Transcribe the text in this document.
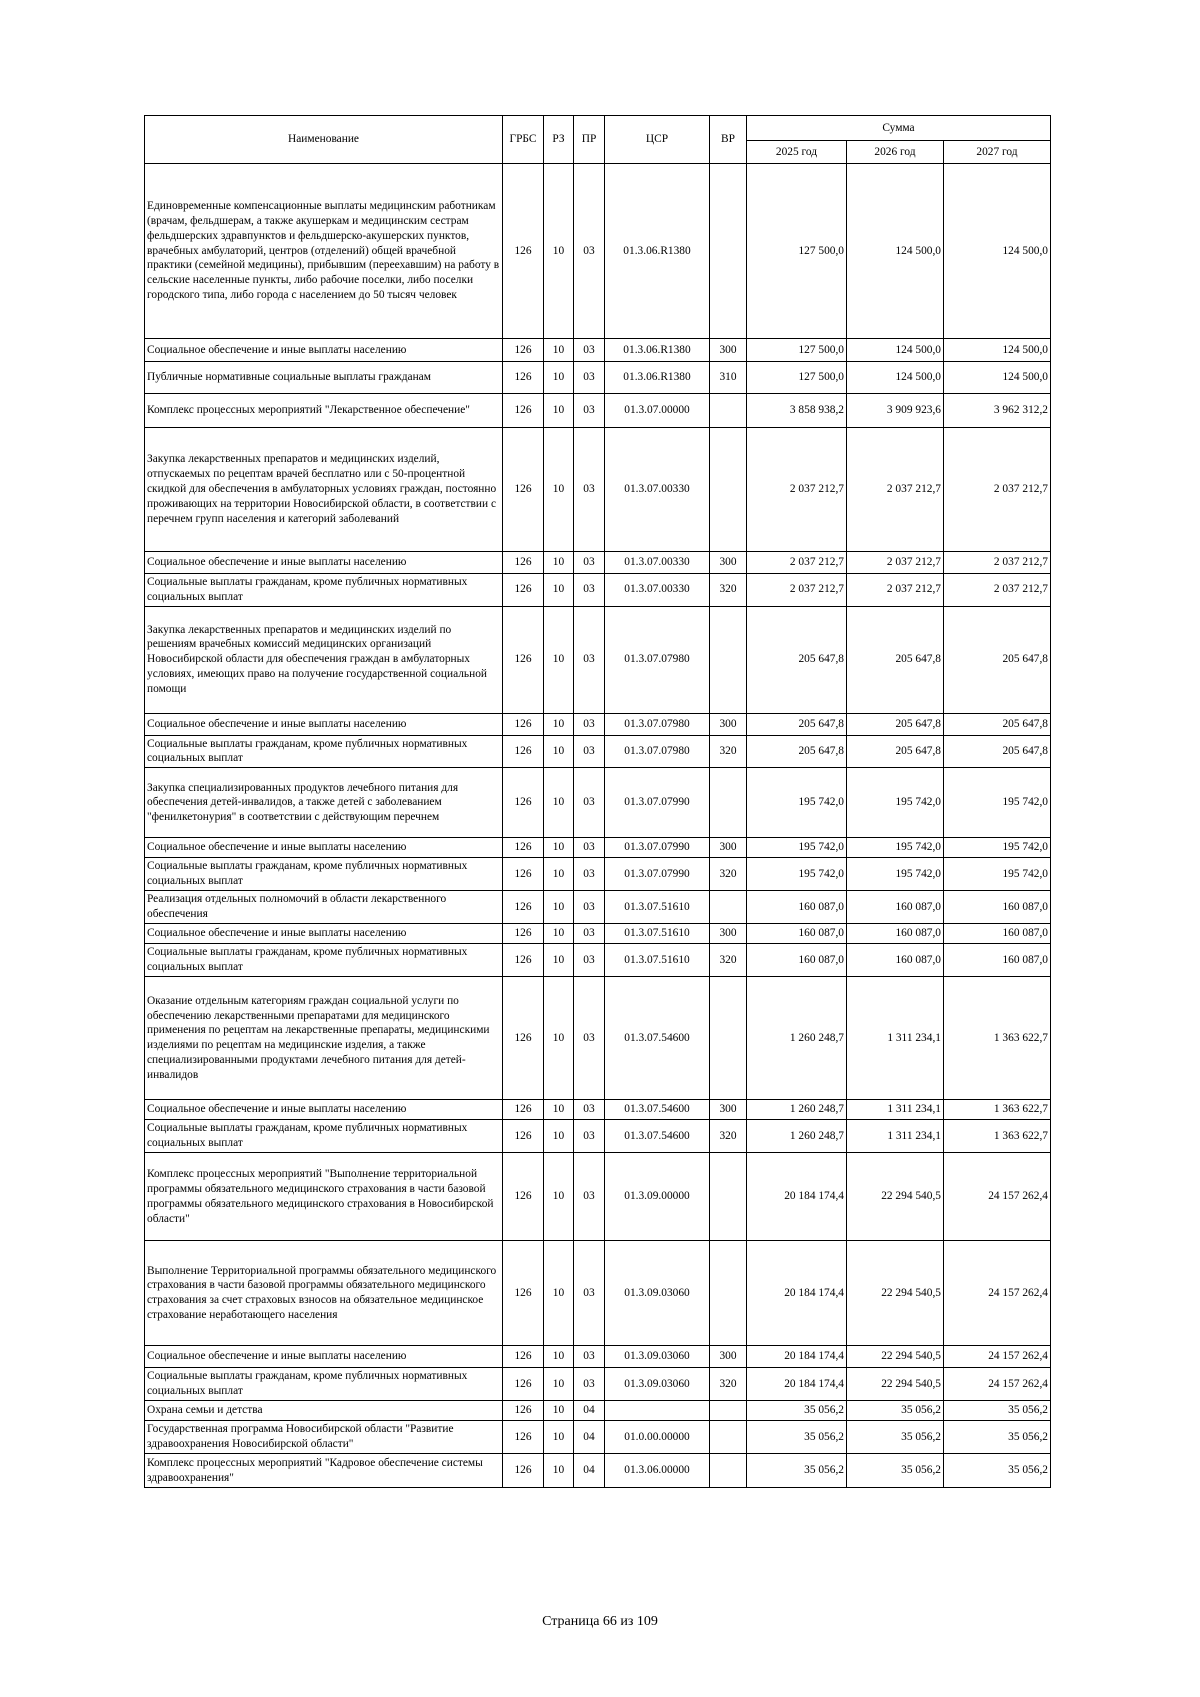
Наименование	ГРБС	РЗ	ПР	ЦСР	ВР	Сумма		
						2025 год	2026 год	2027 год
Единовременные компенсационные выплаты медицинским работникам (врачам, фельдшерам, а также акушеркам и медицинским сестрам фельдшерских здравпунктов и фельдшерско-акушерских пунктов, врачебных амбулаторий, центров (отделений) общей врачебной практики (семейной медицины), прибывшим (переехавшим) на работу в сельские населенные пункты, либо рабочие поселки, либо поселки городского типа, либо города с населением до 50 тысяч человек	126	10	03	01.3.06.R1380		127 500,0	124 500,0	124 500,0
Социальное обеспечение и иные выплаты населению	126	10	03	01.3.06.R1380	300	127 500,0	124 500,0	124 500,0
Публичные нормативные социальные выплаты гражданам	126	10	03	01.3.06.R1380	310	127 500,0	124 500,0	124 500,0
Комплекс процессных мероприятий "Лекарственное обеспечение"	126	10	03	01.3.07.00000		3 858 938,2	3 909 923,6	3 962 312,2
Закупка лекарственных препаратов и медицинских изделий, отпускаемых по рецептам врачей бесплатно или с 50-процентной скидкой для обеспечения в амбулаторных условиях граждан, постоянно проживающих на территории Новосибирской области, в соответствии с перечнем групп населения и категорий заболеваний	126	10	03	01.3.07.00330		2 037 212,7	2 037 212,7	2 037 212,7
Социальное обеспечение и иные выплаты населению	126	10	03	01.3.07.00330	300	2 037 212,7	2 037 212,7	2 037 212,7
Социальные выплаты гражданам, кроме публичных нормативных социальных выплат	126	10	03	01.3.07.00330	320	2 037 212,7	2 037 212,7	2 037 212,7
Закупка лекарственных препаратов и медицинских изделий по решениям врачебных комиссий медицинских организаций Новосибирской области для обеспечения граждан в амбулаторных условиях, имеющих право на получение государственной социальной помощи	126	10	03	01.3.07.07980		205 647,8	205 647,8	205 647,8
Социальное обеспечение и иные выплаты населению	126	10	03	01.3.07.07980	300	205 647,8	205 647,8	205 647,8
Социальные выплаты гражданам, кроме публичных нормативных социальных выплат	126	10	03	01.3.07.07980	320	205 647,8	205 647,8	205 647,8
Закупка специализированных продуктов лечебного питания для обеспечения детей-инвалидов, а также детей с заболеванием "фенилкетонурия" в соответствии с действующим перечнем	126	10	03	01.3.07.07990		195 742,0	195 742,0	195 742,0
Социальное обеспечение и иные выплаты населению	126	10	03	01.3.07.07990	300	195 742,0	195 742,0	195 742,0
Социальные выплаты гражданам, кроме публичных нормативных социальных выплат	126	10	03	01.3.07.07990	320	195 742,0	195 742,0	195 742,0
Реализация отдельных полномочий в области лекарственного обеспечения	126	10	03	01.3.07.51610		160 087,0	160 087,0	160 087,0
Социальное обеспечение и иные выплаты населению	126	10	03	01.3.07.51610	300	160 087,0	160 087,0	160 087,0
Социальные выплаты гражданам, кроме публичных нормативных социальных выплат	126	10	03	01.3.07.51610	320	160 087,0	160 087,0	160 087,0
Оказание отдельным категориям граждан социальной услуги по обеспечению лекарственными препаратами для медицинского применения по рецептам на лекарственные препараты, медицинскими изделиями по рецептам на медицинские изделия, а также специализированными продуктами лечебного питания для детей-инвалидов	126	10	03	01.3.07.54600		1 260 248,7	1 311 234,1	1 363 622,7
Социальное обеспечение и иные выплаты населению	126	10	03	01.3.07.54600	300	1 260 248,7	1 311 234,1	1 363 622,7
Социальные выплаты гражданам, кроме публичных нормативных социальных выплат	126	10	03	01.3.07.54600	320	1 260 248,7	1 311 234,1	1 363 622,7
Комплекс процессных мероприятий "Выполнение территориальной программы обязательного медицинского страхования в части базовой программы обязательного медицинского страхования в Новосибирской области"	126	10	03	01.3.09.00000		20 184 174,4	22 294 540,5	24 157 262,4
Выполнение Территориальной программы обязательного медицинского страхования в части базовой программы обязательного медицинского страхования за счет страховых взносов на обязательное медицинское страхование неработающего населения	126	10	03	01.3.09.03060		20 184 174,4	22 294 540,5	24 157 262,4
Социальное обеспечение и иные выплаты населению	126	10	03	01.3.09.03060	300	20 184 174,4	22 294 540,5	24 157 262,4
Социальные выплаты гражданам, кроме публичных нормативных социальных выплат	126	10	03	01.3.09.03060	320	20 184 174,4	22 294 540,5	24 157 262,4
Охрана семьи и детства	126	10	04			35 056,2	35 056,2	35 056,2
Государственная программа Новосибирской области "Развитие здравоохранения Новосибирской области"	126	10	04	01.0.00.00000		35 056,2	35 056,2	35 056,2
Комплекс процессных мероприятий "Кадровое обеспечение системы здравоохранения"	126	10	04	01.3.06.00000		35 056,2	35 056,2	35 056,2
Страница 66 из 109
